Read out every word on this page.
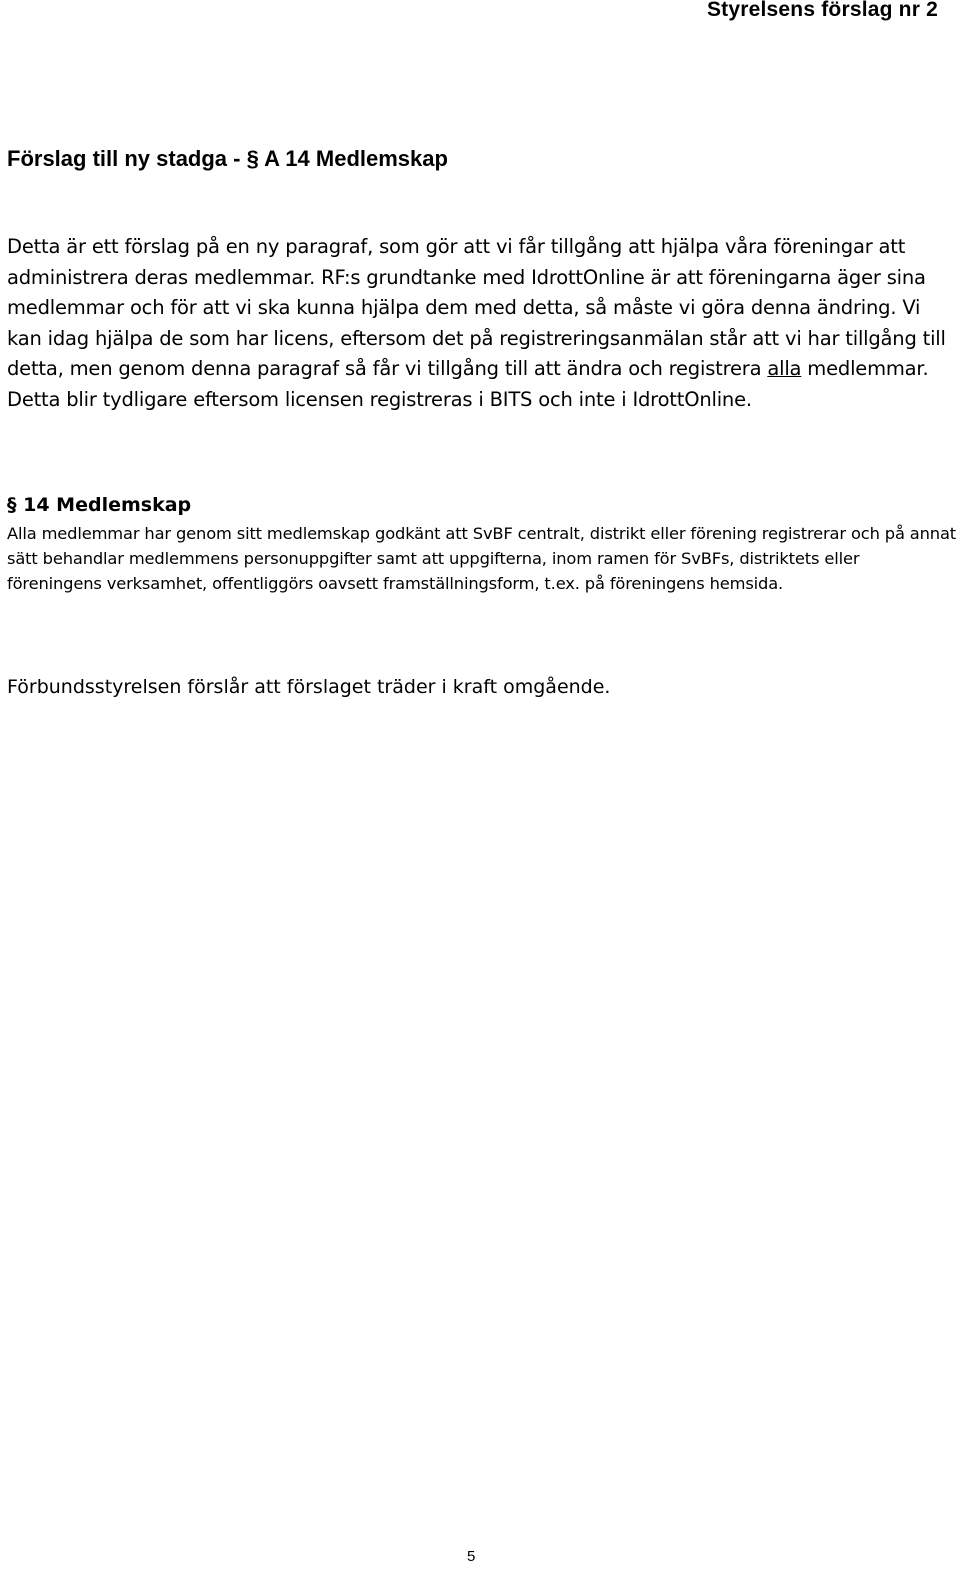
Styrelsens förslag nr 2
Förslag till ny stadga - § A 14 Medlemskap

Detta är ett förslag på en ny paragraf, som gör att vi får tillgång att hjälpa våra föreningar att administrera deras medlemmar. RF:s grundtanke med IdrottOnline är att föreningarna äger sina medlemmar och för att vi ska kunna hjälpa dem med detta, så måste vi göra denna ändring. Vi kan idag hjälpa de som har licens, eftersom det på registreringsanmälan står att vi har tillgång till detta, men genom denna paragraf så får vi tillgång till att ändra och registrera alla medlemmar. Detta blir tydligare eftersom licensen registreras i BITS och inte i IdrottOnline.

§ 14 Medlemskap

Alla medlemmar har genom sitt medlemskap godkänt att SvBF centralt, distrikt eller förening registrerar och på annat sätt behandlar medlemmens personuppgifter samt att uppgifterna, inom ramen för SvBFs, distriktets eller föreningens verksamhet, offentliggörs oavsett framställningsform, t.ex. på föreningens hemsida.

Förbundsstyrelsen förslår att förslaget träder i kraft omgående.

5
